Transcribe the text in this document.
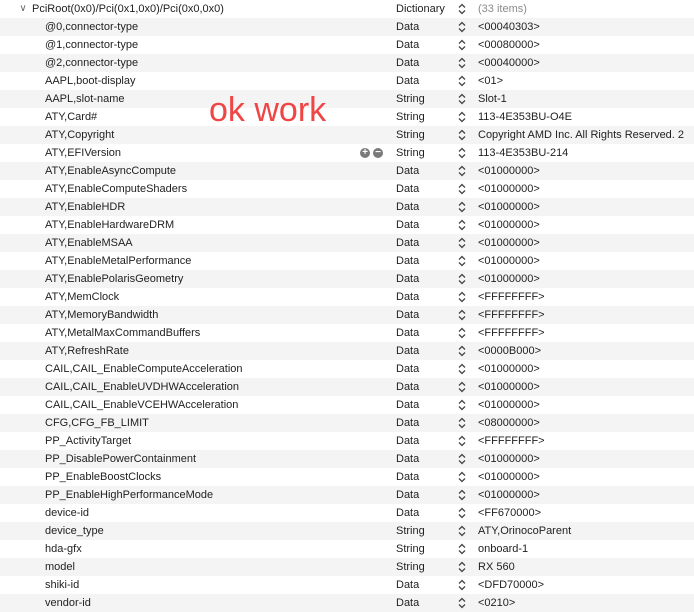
∨ PciRoot(0x0)/Pci(0x1,0x0)/Pci(0x0,0x0)	Dictionary	(33 items)
@0,connector-type	Data	<00040303>
@1,connector-type	Data	<00080000>
@2,connector-type	Data	<00040000>
AAPL,boot-display	Data	<01>
AAPL,slot-name	String	Slot-1
ATY,Card#	String	113-4E353BU-O4E
ATY,Copyright	String	Copyright AMD Inc. All Rights Reserved. 2
ATY,EFIVersion	String	113-4E353BU-214
+ −
ATY,EnableAsyncCompute	Data	<01000000>
ATY,EnableComputeShaders	Data	<01000000>
ATY,EnableHDR	Data	<01000000>
ATY,EnableHardwareDRM	Data	<01000000>
ATY,EnableMSAA	Data	<01000000>
ATY,EnableMetalPerformance	Data	<01000000>
ATY,EnablePolarisGeometry	Data	<01000000>
ATY,MemClock	Data	<FFFFFFFF>
ATY,MemoryBandwidth	Data	<FFFFFFFF>
ATY,MetalMaxCommandBuffers	Data	<FFFFFFFF>
ATY,RefreshRate	Data	<0000B000>
CAIL,CAIL_EnableComputeAcceleration	Data	<01000000>
CAIL,CAIL_EnableUVDHWAcceleration	Data	<01000000>
CAIL,CAIL_EnableVCEHWAcceleration	Data	<01000000>
CFG,CFG_FB_LIMIT	Data	<08000000>
PP_ActivityTarget	Data	<FFFFFFFF>
PP_DisablePowerContainment	Data	<01000000>
PP_EnableBoostClocks	Data	<01000000>
PP_EnableHighPerformanceMode	Data	<01000000>
device-id	Data	<FF670000>
device_type	String	ATY,OrinocoParent
hda-gfx	String	onboard-1
model	String	RX 560
shiki-id	Data	<DFD70000>
vendor-id	Data	<0210>
ok work
